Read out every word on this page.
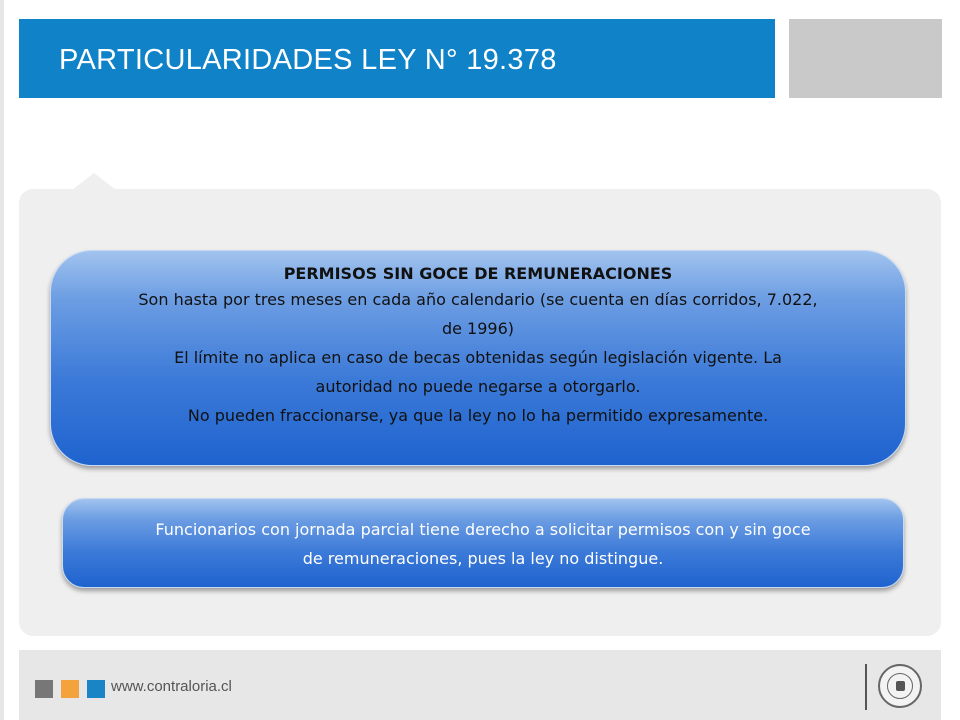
PARTICULARIDADES LEY N° 19.378
PERMISOS SIN GOCE DE REMUNERACIONES
Son hasta por tres meses en cada año calendario (se cuenta en días corridos, 7.022,
de 1996)
El límite no aplica en caso de becas obtenidas según legislación vigente. La
autoridad no puede negarse a otorgarlo.
No pueden fraccionarse, ya que la ley no lo ha permitido expresamente.
Funcionarios con jornada parcial tiene derecho a solicitar permisos con y sin goce
de remuneraciones, pues la ley no distingue.
www.contraloria.cl
